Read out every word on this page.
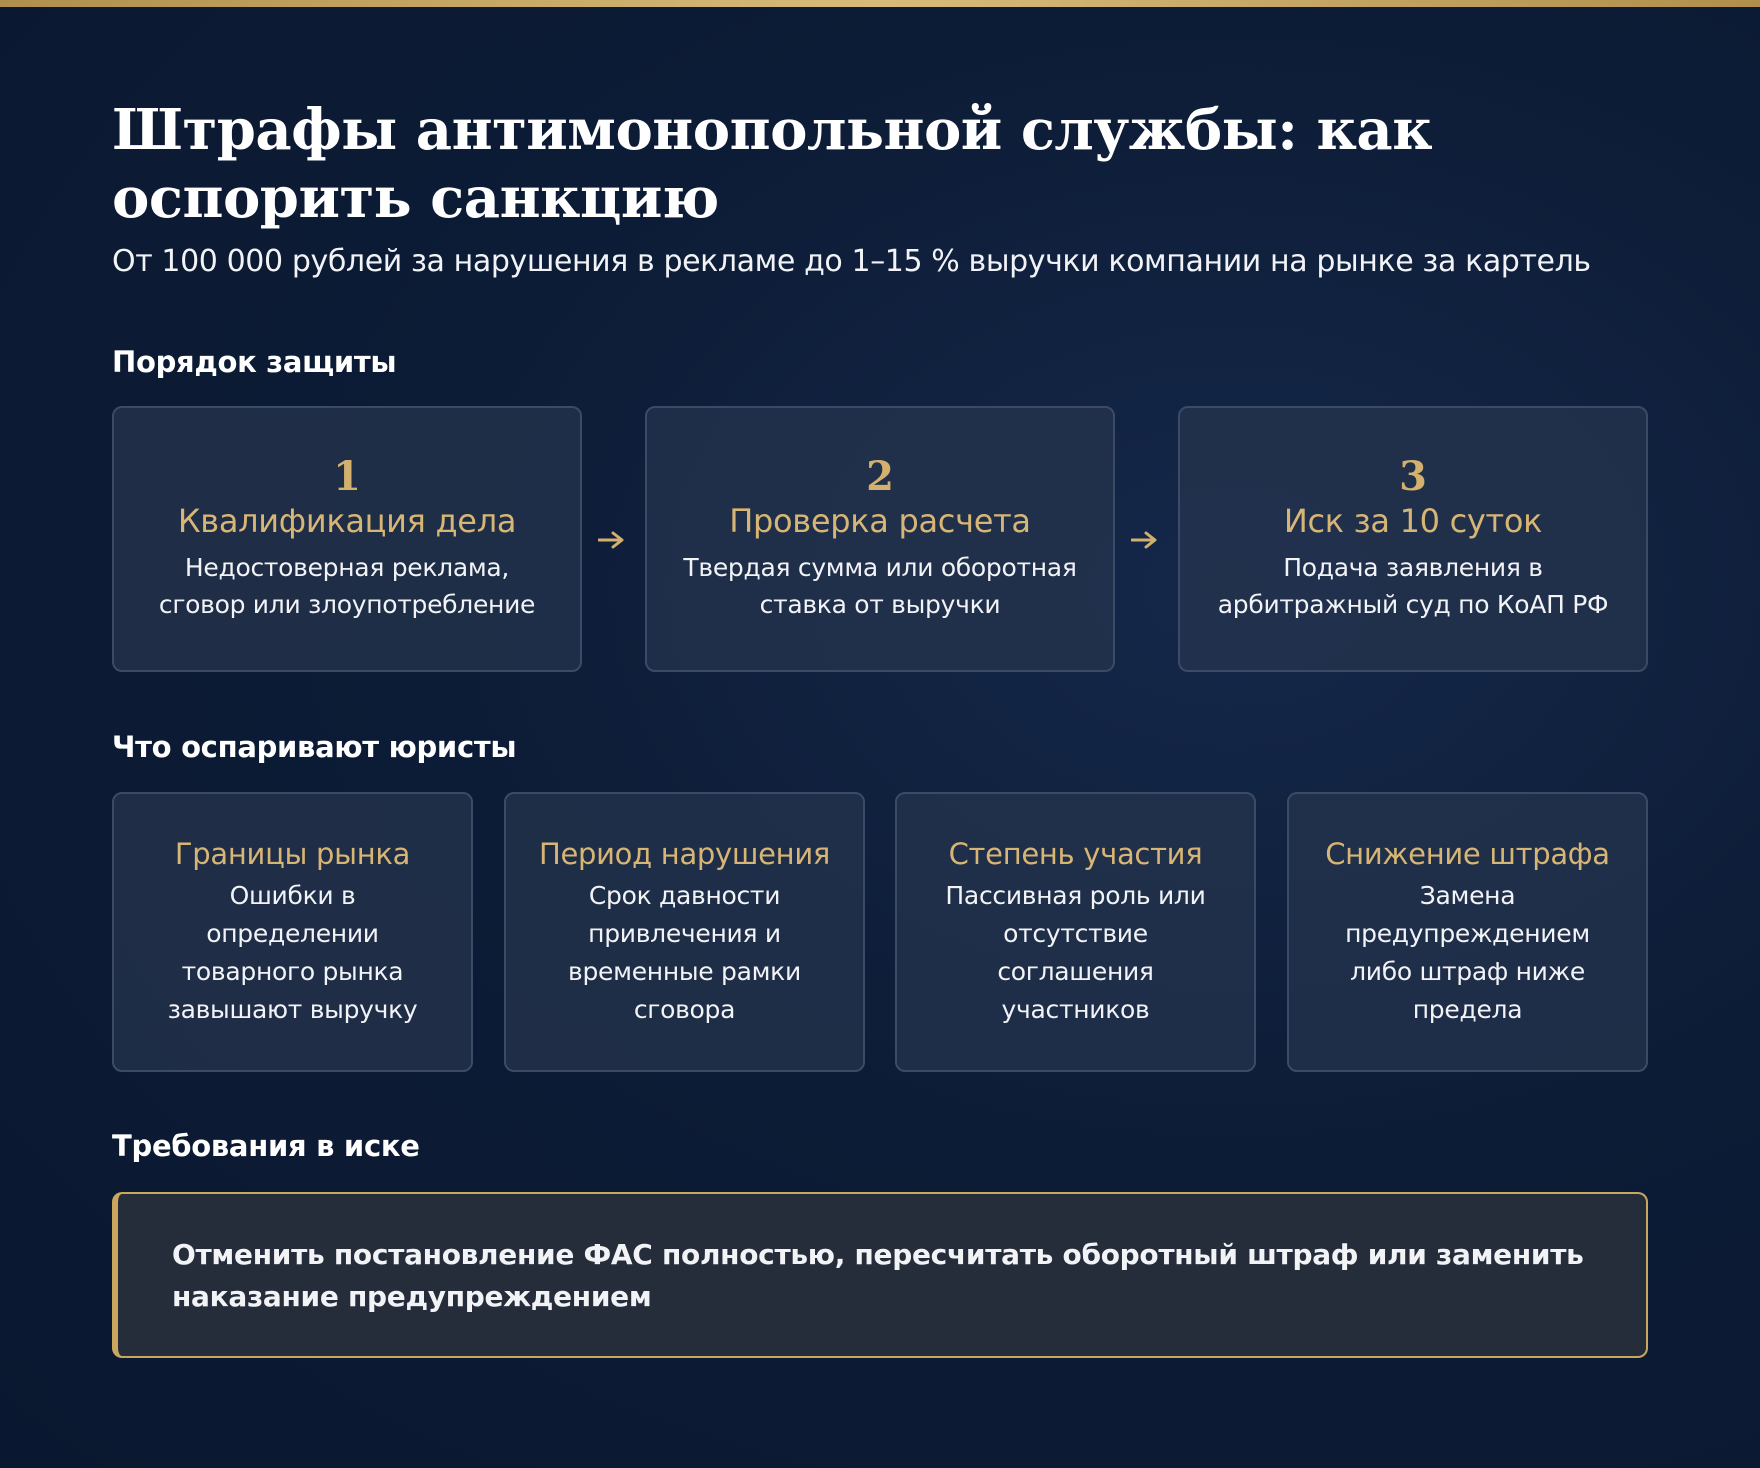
Штрафы антимонопольной службы: как оспорить санкцию

От 100 000 рублей за нарушения в рекламе до 1–15 % выручки компании на рынке за картель

Порядок защиты
1
Квалификация дела
Недостоверная реклама, сговор или злоупотребление
2
Проверка расчета
Твердая сумма или оборотная ставка от выручки
3
Иск за 10 суток
Подача заявления в арбитражный суд по КоАП РФ
Что оспаривают юристы
Границы рынка
Ошибки в определении товарного рынка завышают выручку
Период нарушения
Срок давности привлечения и временные рамки сговора
Степень участия
Пассивная роль или отсутствие соглашения участников
Снижение штрафа
Замена предупреждением либо штраф ниже предела
Требования в иске

Отменить постановление ФАС полностью, пересчитать оборотный штраф или заменить наказание предупреждением
